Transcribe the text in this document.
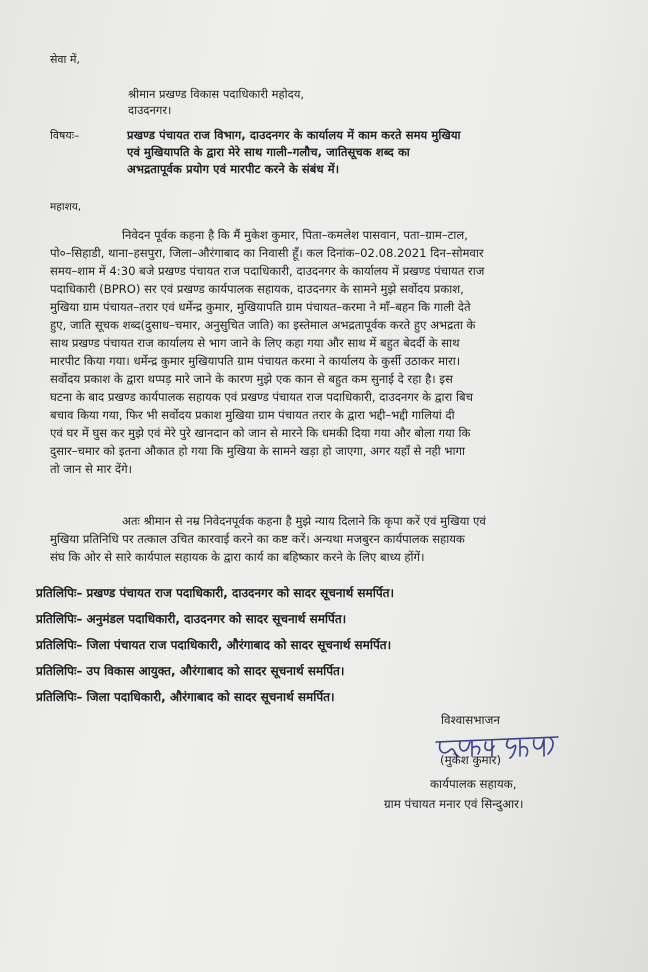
सेवा में,
श्रीमान प्रखण्ड विकास पदाधिकारी महोदय,
दाउदनगर।
विषयः–	प्रखण्ड पंचायत राज विभाग, दाउदनगर के कार्यालय में काम करते समय मुखिया
एवं मुखियापति के द्वारा मेरे साथ गाली–गलौच, जातिसूचक शब्द का
अभद्रतापूर्वक प्रयोग एवं मारपीट करने के संबंध में।
महाशय,
निवेदन पूर्वक कहना है कि मैं मुकेश कुमार, पिता–कमलेश पासवान, पता–ग्राम–टाल,
पो०–सिहाडी, थाना–हसपुरा, जिला–औरंगाबाद का निवासी हूँ। कल दिनांक–02.08.2021 दिन–सोमवार
समय–शाम में 4:30 बजे प्रखण्ड पंचायत राज पदाधिकारी, दाउदनगर के कार्यालय में प्रखण्ड पंचायत राज
पदाधिकारी (BPRO) सर एवं प्रखण्ड कार्यपालक सहायक, दाउदनगर के सामने मुझे सर्वोदय प्रकाश,
मुखिया ग्राम पंचायत–तरार एवं धर्मेन्द्र कुमार, मुखियापति ग्राम पंचायत–करमा ने माँ–बहन कि गाली देते
हुए, जाति सूचक शब्द(दुसाध–चमार, अनुसुचित जाति) का इस्तेमाल अभद्रतापूर्वक करते हुए अभद्रता के
साथ प्रखण्ड पंचायत राज कार्यालय से भाग जाने के लिए कहा गया और साथ में बहुत बेदर्दी के साथ
मारपीट किया गया। धर्मेन्द्र कुमार मुखियापति ग्राम पंचायत करमा ने कार्यालय के कुर्सी उठाकर मारा।
सर्वोदय प्रकाश के द्वारा थप्पड़ मारे जाने के कारण मुझे एक कान से बहुत कम सुनाई दे रहा है। इस
घटना के बाद प्रखण्ड कार्यपालक सहायक एवं प्रखण्ड पंचायत राज पदाधिकारी, दाउदनगर के द्वारा बिच
बचाव किया गया, फिर भी सर्वोदय प्रकाश मुखिया ग्राम पंचायत तरार के द्वारा भद्दी–भद्दी गालियां दी
एवं घर में घुस कर मुझे एवं मेरे पुरे खानदान को जान से मारने कि धमकी दिया गया और बोला गया कि
दुसार–चमार को इतना औकात हो गया कि मुखिया के सामने खड़ा हो जाएगा, अगर यहाँ से नही भागा
तो जान से मार देंगे।
अतः श्रीमान से नम्र निवेदनपूर्वक कहना है मुझे न्याय दिलाने कि कृपा करें एवं मुखिया एवं
मुखिया प्रतिनिधि पर तत्काल उचित कारवाई करने का कष्ट करें। अन्यथा मजबुरन कार्यपालक सहायक
संघ कि ओर से सारे कार्यपाल सहायक के द्वारा कार्य का बहिष्कार करने के लिए बाध्य होंगें।
प्रतिलिपिः– प्रखण्ड पंचायत राज पदाधिकारी, दाउदनगर को सादर सूचनार्थ समर्पित।
प्रतिलिपिः– अनुमंडल पदाधिकारी, दाउदनगर को सादर सूचनार्थ समर्पित।
प्रतिलिपिः– जिला पंचायत राज पदाधिकारी, औरंगाबाद को सादर सूचनार्थ समर्पित।
प्रतिलिपिः– उप विकास आयुक्त, औरंगाबाद को सादर सूचनार्थ समर्पित।
प्रतिलिपिः– जिला पदाधिकारी, औरंगाबाद को सादर सूचनार्थ समर्पित।
विश्वासभाजन
(मुकेश कुमार)
कार्यपालक सहायक,
ग्राम पंचायत मनार एवं सिन्दुआर।
